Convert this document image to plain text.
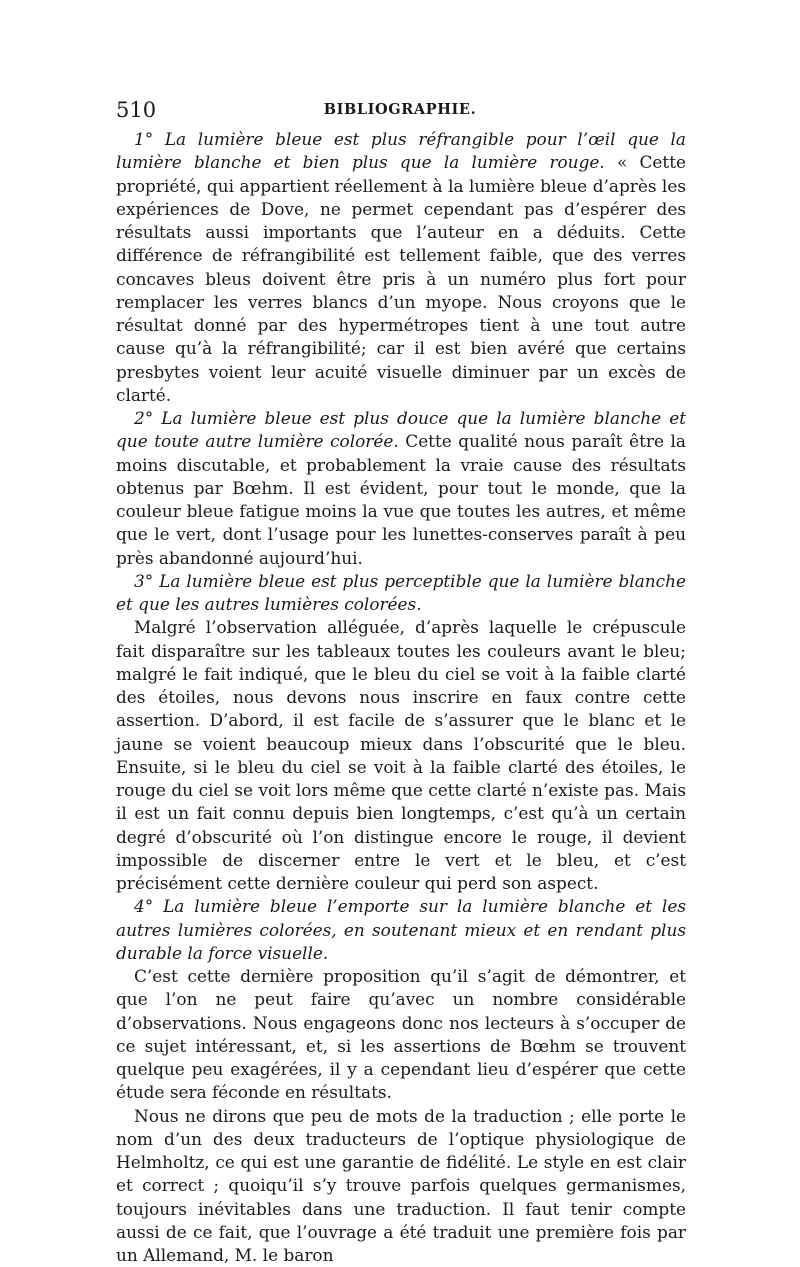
510	BIBLIOGRAPHIE.

1° La lumière bleue est plus réfrangible pour l’œil que la lumière blanche et bien plus que la lumière rouge. « Cette propriété, qui appartient réellement à la lumière bleue d’après les expériences de Dove, ne permet cependant pas d’espérer des résultats aussi importants que l’auteur en a déduits. Cette différence de réfrangibilité est tellement faible, que des verres concaves bleus doivent être pris à un numéro plus fort pour remplacer les verres blancs d’un myope. Nous croyons que le résultat donné par des hypermétropes tient à une tout autre cause qu’à la réfrangibilité; car il est bien avéré que certains presbytes voient leur acuité visuelle diminuer par un excès de clarté.

2° La lumière bleue est plus douce que la lumière blanche et que toute autre lumière colorée. Cette qualité nous paraît être la moins discutable, et probablement la vraie cause des résultats obtenus par Bœhm. Il est évident, pour tout le monde, que la couleur bleue fatigue moins la vue que toutes les autres, et même que le vert, dont l’usage pour les lunettes-conserves paraît à peu près abandonné aujourd’hui.

3° La lumière bleue est plus perceptible que la lumière blanche et que les autres lumières colorées.

Malgré l’observation alléguée, d’après laquelle le crépuscule fait disparaître sur les tableaux toutes les couleurs avant le bleu; malgré le fait indiqué, que le bleu du ciel se voit à la faible clarté des étoiles, nous devons nous inscrire en faux contre cette assertion. D’abord, il est facile de s’assurer que le blanc et le jaune se voient beaucoup mieux dans l’obscurité que le bleu. Ensuite, si le bleu du ciel se voit à la faible clarté des étoiles, le rouge du ciel se voit lors même que cette clarté n’existe pas. Mais il est un fait connu depuis bien longtemps, c’est qu’à un certain degré d’obscurité où l’on distingue encore le rouge, il devient impossible de discerner entre le vert et le bleu, et c’est précisément cette dernière couleur qui perd son aspect.

4° La lumière bleue l’emporte sur la lumière blanche et les autres lumières colorées, en soutenant mieux et en rendant plus durable la force visuelle.

C’est cette dernière proposition qu’il s’agit de démontrer, et que l’on ne peut faire qu’avec un nombre considérable d’observations. Nous engageons donc nos lecteurs à s’occuper de ce sujet intéressant, et, si les assertions de Bœhm se trouvent quelque peu exagérées, il y a cependant lieu d’espérer que cette étude sera féconde en résultats.

Nous ne dirons que peu de mots de la traduction ; elle porte le nom d’un des deux traducteurs de l’optique physiologique de Helmholtz, ce qui est une garantie de fidélité. Le style en est clair et correct ; quoiqu’il s’y trouve parfois quelques germanismes, toujours inévitables dans une traduction. Il faut tenir compte aussi de ce fait, que l’ouvrage a été traduit une première fois par un Allemand, M. le baron
